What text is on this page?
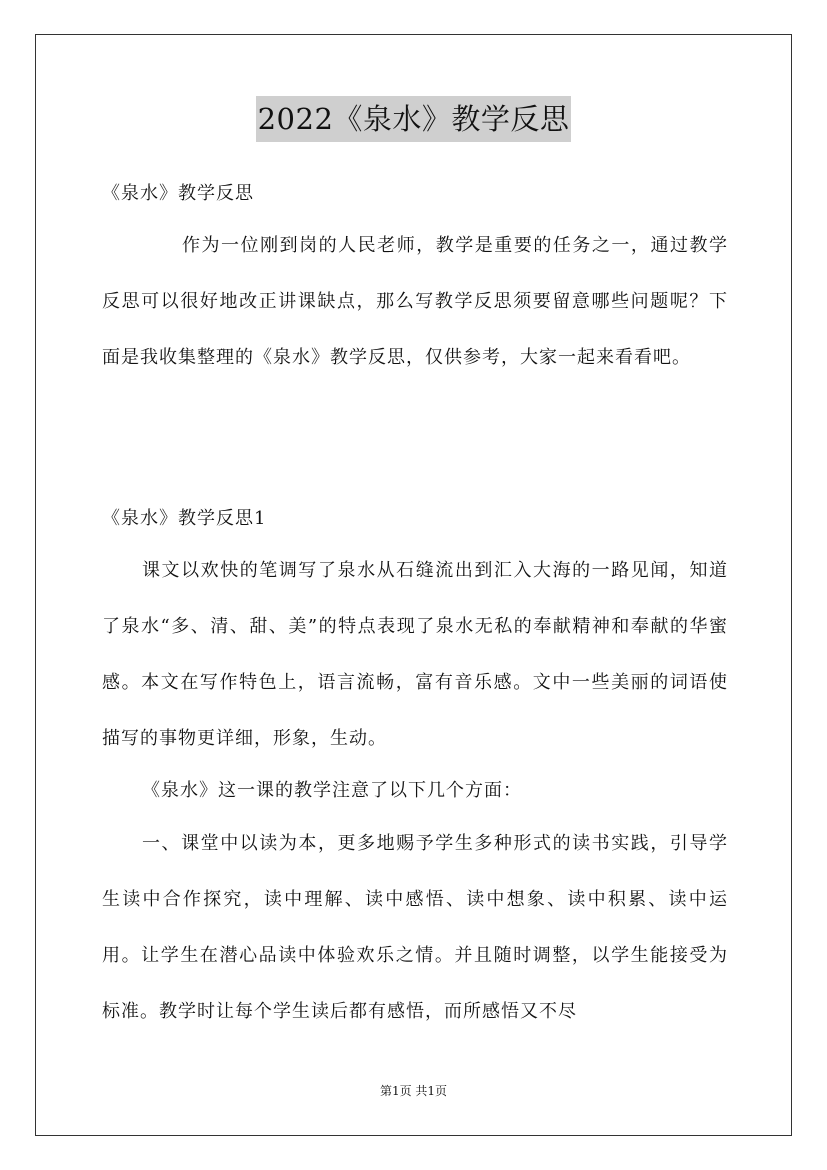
2022《泉水》教学反思

《泉水》教学反思

作为一位刚到岗的人民老师，教学是重要的任务之一，通过教学反思可以很好地改正讲课缺点，那么写教学反思须要留意哪些问题呢？下面是我收集整理的《泉水》教学反思，仅供参考，大家一起来看看吧。

《泉水》教学反思1

课文以欢快的笔调写了泉水从石缝流出到汇入大海的一路见闻，知道了泉水“多、清、甜、美”的特点表现了泉水无私的奉献精神和奉献的华蜜感。本文在写作特色上，语言流畅，富有音乐感。文中一些美丽的词语使描写的事物更详细，形象，生动。

《泉水》这一课的教学注意了以下几个方面：

一、课堂中以读为本，更多地赐予学生多种形式的读书实践，引导学生读中合作探究，读中理解、读中感悟、读中想象、读中积累、读中运用。让学生在潜心品读中体验欢乐之情。并且随时调整，以学生能接受为标准。教学时让每个学生读后都有感悟，而所感悟又不尽

第1页 共1页
